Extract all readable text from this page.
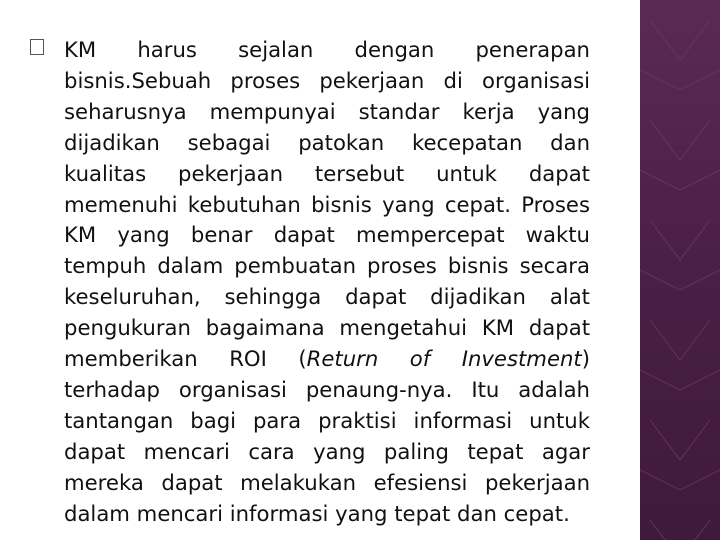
KM harus sejalan dengan penerapan bisnis.Sebuah proses pekerjaan di organisasi seharusnya mempunyai standar kerja yang dijadikan sebagai patokan kecepatan dan kualitas pekerjaan tersebut untuk dapat memenuhi kebutuhan bisnis yang cepat. Proses KM yang benar dapat mempercepat waktu tempuh dalam pembuatan proses bisnis secara keseluruhan, sehingga dapat dijadikan alat pengukuran bagaimana mengetahui KM dapat memberikan ROI (Return of Investment) terhadap organisasi penaung-nya. Itu adalah tantangan bagi para praktisi informasi untuk dapat mencari cara yang paling tepat agar mereka dapat melakukan efesiensi pekerjaan dalam mencari informasi yang tepat dan cepat.
